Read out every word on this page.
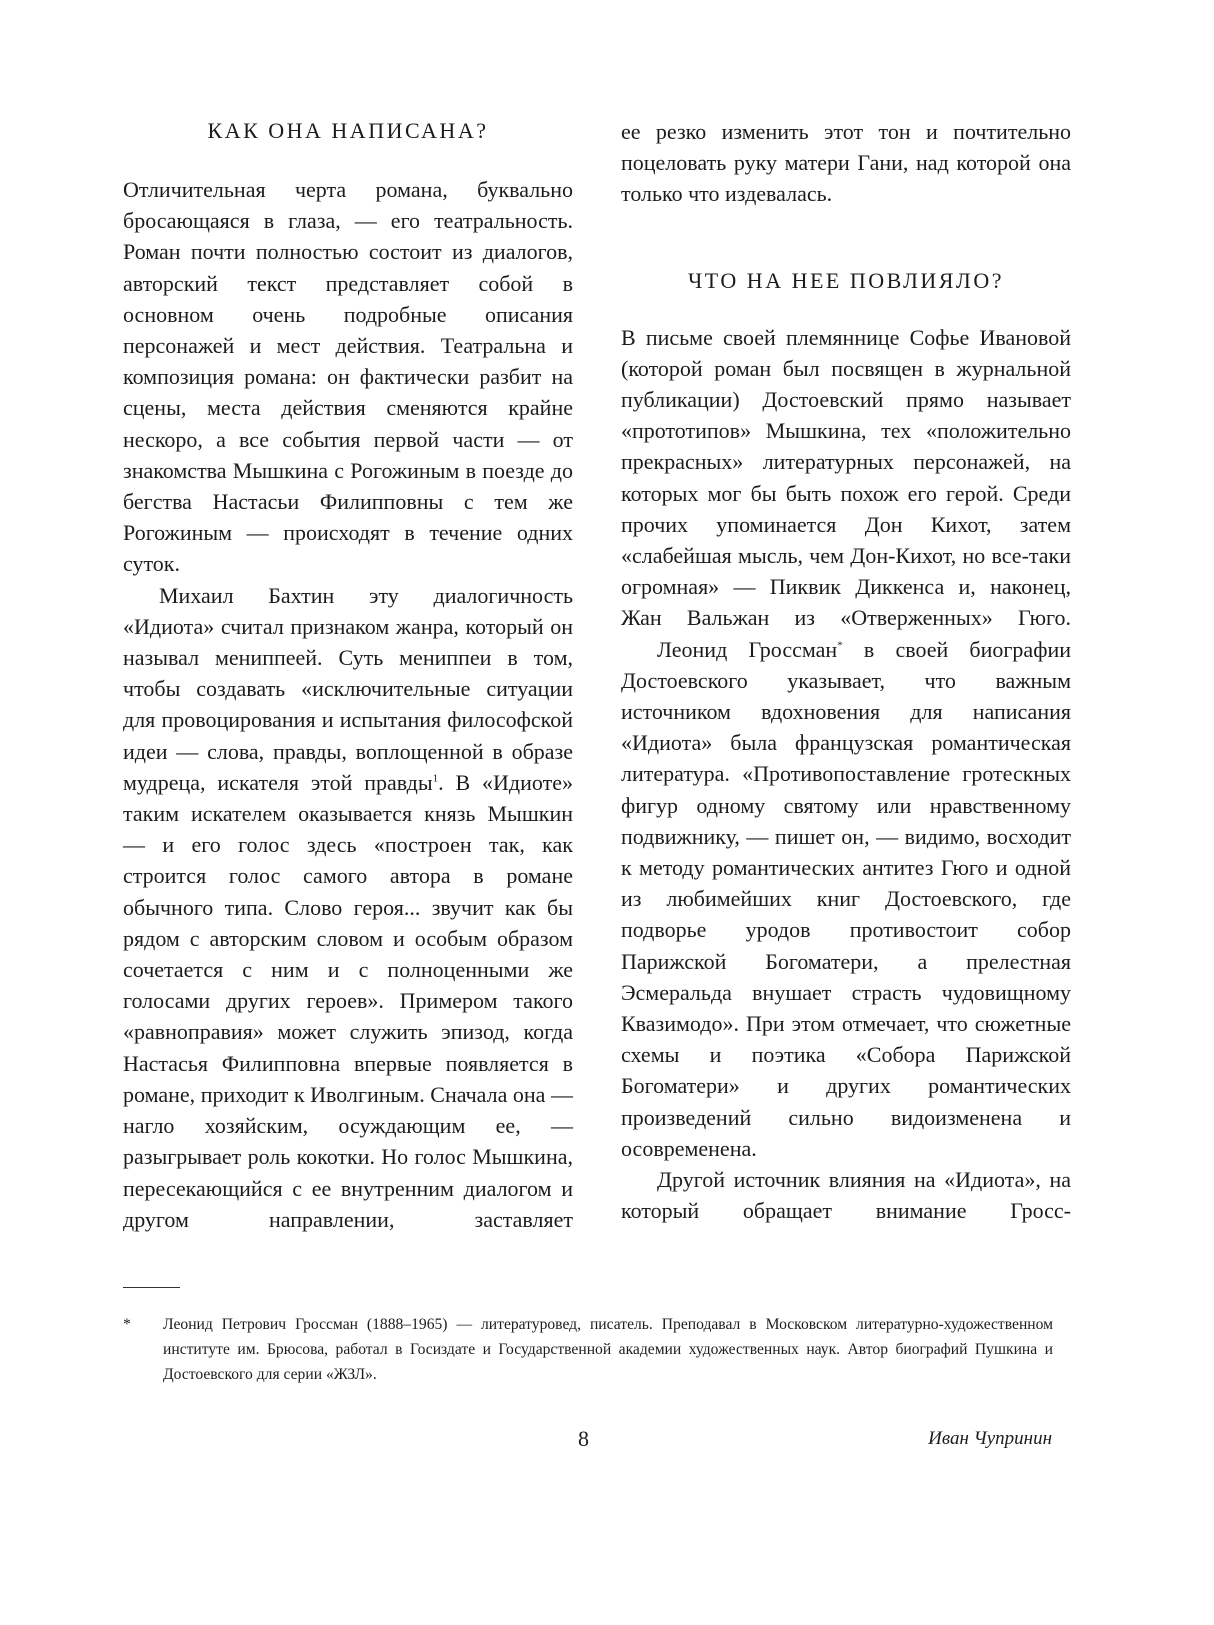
КАК ОНА НАПИСАНА?

Отличительная черта романа, буквально бросающаяся в глаза, — его театральность. Роман почти полностью состоит из диалогов, авторский текст представляет собой в основном очень подробные описания персонажей и мест действия. Театральна и композиция романа: он фактически разбит на сцены, места действия сменяются крайне нескоро, а все события первой части — от знакомства Мышкина с Рогожиным в поезде до бегства Настасьи Филипповны с тем же Рогожиным — происходят в течение одних суток.

Михаил Бахтин эту диалогичность «Идиота» считал признаком жанра, который он называл мениппеей. Суть мениппеи в том, чтобы создавать «исключительные ситуации для провоцирования и испытания философской идеи — слова, правды, воплощенной в образе мудреца, искателя этой правды$^1$. В «Идиоте» таким искателем оказывается князь Мышкин — и его голос здесь «построен так, как строится голос самого автора в романе обычного типа. Слово героя... звучит как бы рядом с авторским словом и особым образом сочетается с ним и с полноценными же голосами других героев». Примером такого «равноправия» может служить эпизод, когда Настасья Филипповна впервые появляется в романе, приходит к Иволгиным. Сначала она — нагло хозяйским, осуждающим ее, — разыгрывает роль кокотки. Но голос Мышкина, пересекающийся с ее внутренним диалогом и другом направлении, заставляет

ее резко изменить этот тон и почтительно поцеловать руку матери Гани, над которой она только что издевалась.

ЧТО НА НЕЕ ПОВЛИЯЛО?

В письме своей племяннице Софье Ивановой (которой роман был посвящен в журнальной публикации) Достоевский прямо называет «прототипов» Мышкина, тех «положительно прекрасных» литературных персонажей, на которых мог бы быть похож его герой. Среди прочих упоминается Дон Кихот, затем «слабейшая мысль, чем Дон-Кихот, но все-таки огромная» — Пиквик Диккенса и, наконец, Жан Вальжан из «Отверженных» Гюго.

Леонид Гроссман* в своей биографии Достоевского указывает, что важным источником вдохновения для написания «Идиота» была французская романтическая литература. «Противопоставление гротескных фигур одному святому или нравственному подвижнику, — пишет он, — видимо, восходит к методу романтических антитез Гюго и одной из любимейших книг Достоевского, где подворье уродов противостоит собор Парижской Богоматери, а прелестная Эсмеральда внушает страсть чудовищному Квазимодо». При этом отмечает, что сюжетные схемы и поэтика «Собора Парижской Богоматери» и других романтических произведений сильно видоизменена и осовременена.

Другой источник влияния на «Идиота», на который обращает внимание Гросс-

* Леонид Петрович Гроссман (1888–1965) — литературовед, писатель. Преподавал в Московском литературно-художественном институте им. Брюсова, работал в Госиздате и Государственной академии художественных наук. Автор биографий Пушкина и Достоевского для серии «ЖЗЛ».
8	Иван Чупринин
